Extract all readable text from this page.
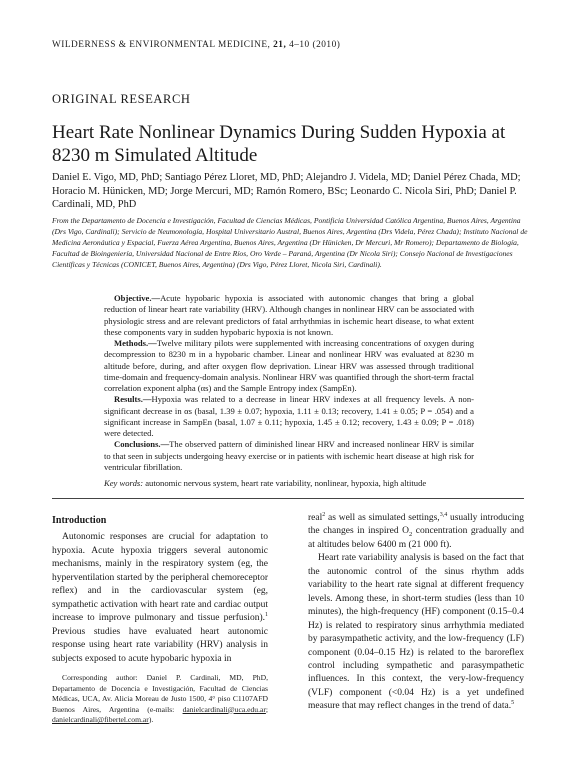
WILDERNESS & ENVIRONMENTAL MEDICINE, 21, 4–10 (2010)
ORIGINAL RESEARCH
Heart Rate Nonlinear Dynamics During Sudden Hypoxia at 8230 m Simulated Altitude
Daniel E. Vigo, MD, PhD; Santiago Pérez Lloret, MD, PhD; Alejandro J. Videla, MD; Daniel Pérez Chada, MD; Horacio M. Hünicken, MD; Jorge Mercuri, MD; Ramón Romero, BSc; Leonardo C. Nicola Siri, PhD; Daniel P. Cardinali, MD, PhD
From the Departamento de Docencia e Investigación, Facultad de Ciencias Médicas, Pontificia Universidad Católica Argentina, Buenos Aires, Argentina (Drs Vigo, Cardinali); Servicio de Neumonología, Hospital Universitario Austral, Buenos Aires, Argentina (Drs Videla, Pérez Chada); Instituto Nacional de Medicina Aeronáutica y Espacial, Fuerza Aérea Argentina, Buenos Aires, Argentina (Dr Hünicken, Dr Mercuri, Mr Romero); Departamento de Biología, Facultad de Bioingeniería, Universidad Nacional de Entre Ríos, Oro Verde – Paraná, Argentina (Dr Nicola Siri); Consejo Nacional de Investigaciones Científicas y Técnicas (CONICET, Buenos Aires, Argentina) (Drs Vigo, Pérez Lloret, Nicola Siri, Cardinali).

Objective.—Acute hypobaric hypoxia is associated with autonomic changes that bring a global reduction of linear heart rate variability (HRV). Although changes in nonlinear HRV can be associated with physiologic stress and are relevant predictors of fatal arrhythmias in ischemic heart disease, to what extent these components vary in sudden hypobaric hypoxia is not known.

Methods.—Twelve military pilots were supplemented with increasing concentrations of oxygen during decompression to 8230 m in a hypobaric chamber. Linear and nonlinear HRV was evaluated at 8230 m altitude before, during, and after oxygen flow deprivation. Linear HRV was assessed through traditional time-domain and frequency-domain analysis. Nonlinear HRV was quantified through the short-term fractal correlation exponent alpha (αs) and the Sample Entropy index (SampEn).

Results.—Hypoxia was related to a decrease in linear HRV indexes at all frequency levels. A non-significant decrease in αs (basal, 1.39 ± 0.07; hypoxia, 1.11 ± 0.13; recovery, 1.41 ± 0.05; P = .054) and a significant increase in SampEn (basal, 1.07 ± 0.11; hypoxia, 1.45 ± 0.12; recovery, 1.43 ± 0.09; P = .018) were detected.

Conclusions.—The observed pattern of diminished linear HRV and increased nonlinear HRV is similar to that seen in subjects undergoing heavy exercise or in patients with ischemic heart disease at high risk for ventricular fibrillation.

Key words: autonomic nervous system, heart rate variability, nonlinear, hypoxia, high altitude
Introduction

Autonomic responses are crucial for adaptation to hypoxia. Acute hypoxia triggers several autonomic mechanisms, mainly in the respiratory system (eg, the hyperventilation started by the peripheral chemoreceptor reflex) and in the cardiovascular system (eg, sympathetic activation with heart rate and cardiac output increase to improve pulmonary and tissue perfusion).$^1$ Previous studies have evaluated heart autonomic response using heart rate variability (HRV) analysis in subjects exposed to acute hypobaric hypoxia in

Corresponding author: Daniel P. Cardinali, MD, PhD, Departamento de Docencia e Investigación, Facultad de Ciencias Médicas, UCA, Av. Alicia Moreau de Justo 1500, 4° piso C1107AFD Buenos Aires, Argentina (e-mails: danielcardinali@uca.edu.ar; danielcardinali@fibertel.com.ar).

real$^2$ as well as simulated settings,$^{3,4}$ usually introducing the changes in inspired $O_2$ concentration gradually and at altitudes below 6400 m (21 000 ft).

Heart rate variability analysis is based on the fact that the autonomic control of the sinus rhythm adds variability to the heart rate signal at different frequency levels. Among these, in short-term studies (less than 10 minutes), the high-frequency (HF) component (0.15–0.4 Hz) is related to respiratory sinus arrhythmia mediated by parasympathetic activity, and the low-frequency (LF) component (0.04–0.15 Hz) is related to the baroreflex control including sympathetic and parasympathetic influences. In this context, the very-low-frequency (VLF) component (<0.04 Hz) is a yet undefined measure that may reflect changes in the trend of data.$^5$
